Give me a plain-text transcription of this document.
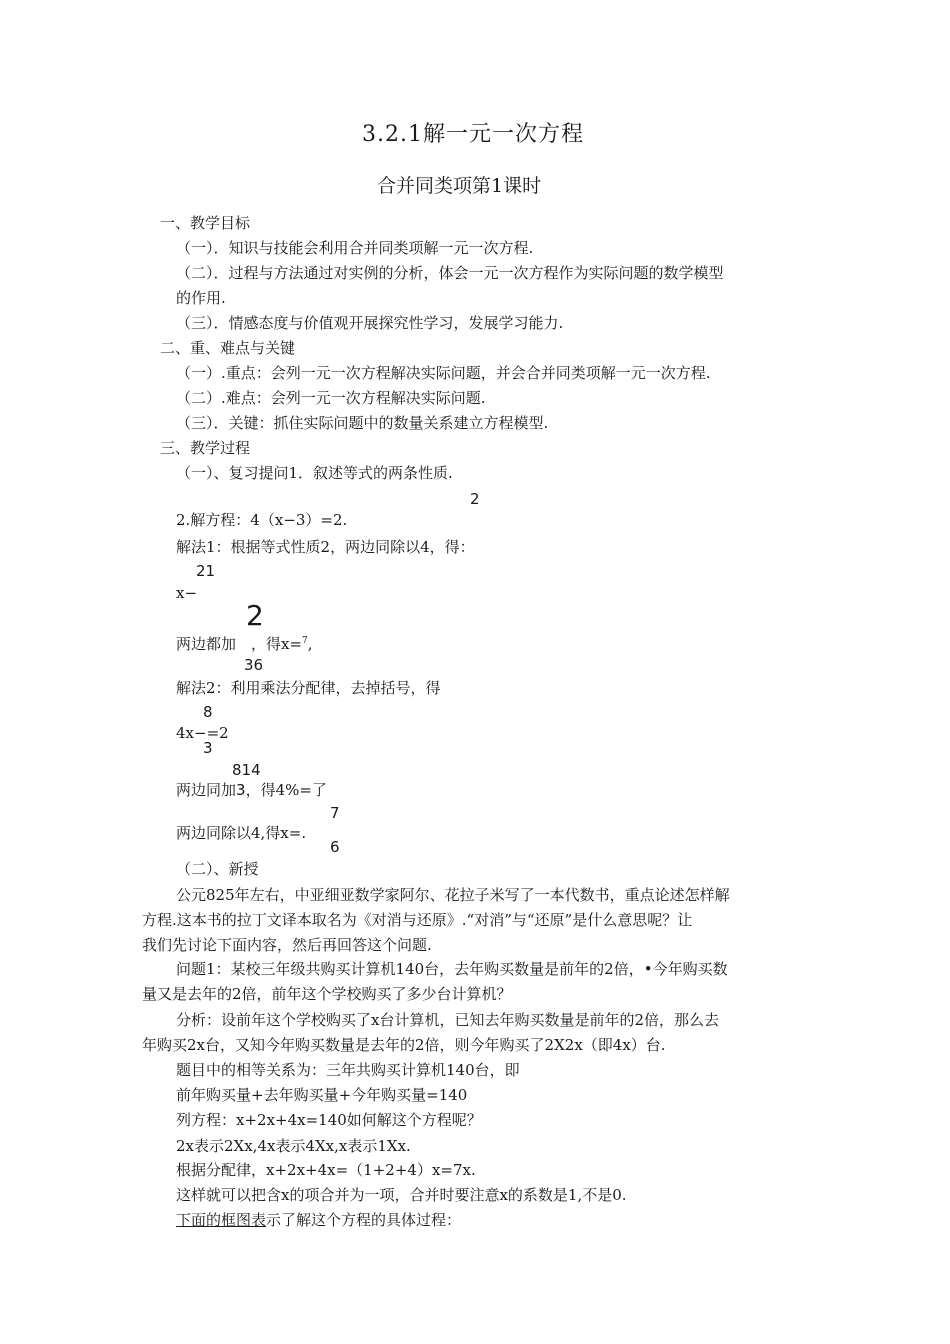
3.2.1解一元一次方程
合并同类项第1课时
一、教学目标
（一）．知识与技能会利用合并同类项解一元一次方程.
（二）．过程与方法通过对实例的分析，体会一元一次方程作为实际问题的数学模型
的作用.
（三）．情感态度与价值观开展探究性学习，发展学习能力.
二、重、难点与关键
（一）.重点：会列一元一次方程解决实际问题，并会合并同类项解一元一次方程.
（二）.难点：会列一元一次方程解决实际问题.
（三）．关键：抓住实际问题中的数量关系建立方程模型.
三、教学过程
（一）、复习提问1．叙述等式的两条性质.
2
2.解方程：4（x−3）=2.
解法1：根据等式性质2，两边同除以4，得：
21
x−
2
两边都加　，得x=$^7$,
36
解法2：利用乘法分配律，去掉括号，得
8
4x−=2
3
814
两边同加3，得4%=了
7
两边同除以4,得x=.
6
（二）、新授
公元825年左右，中亚细亚数学家阿尔、花拉子米写了一本代数书，重点论述怎样解
方程.这本书的拉丁文译本取名为《对消与还原》.“对消”与“还原”是什么意思呢？让
我们先讨论下面内容，然后再回答这个问题.
问题1：某校三年级共购买计算机140台，去年购买数量是前年的2倍，•今年购买数
量又是去年的2倍，前年这个学校购买了多少台计算机？
分析：设前年这个学校购买了x台计算机，已知去年购买数量是前年的2倍，那么去
年购买2x台，又知今年购买数量是去年的2倍，则今年购买了2X2x（即4x）台.
题目中的相等关系为：三年共购买计算机140台，即
前年购买量+去年购买量+今年购买量=140
列方程：x+2x+4x=140如何解这个方程呢？
2x表示2Xx,4x表示4Xx,x表示1Xx.
根据分配律，x+2x+4x=（1+2+4）x=7x.
这样就可以把含x的项合并为一项，合并时要注意x的系数是1,不是0.
下面的框图表示了解这个方程的具体过程：
